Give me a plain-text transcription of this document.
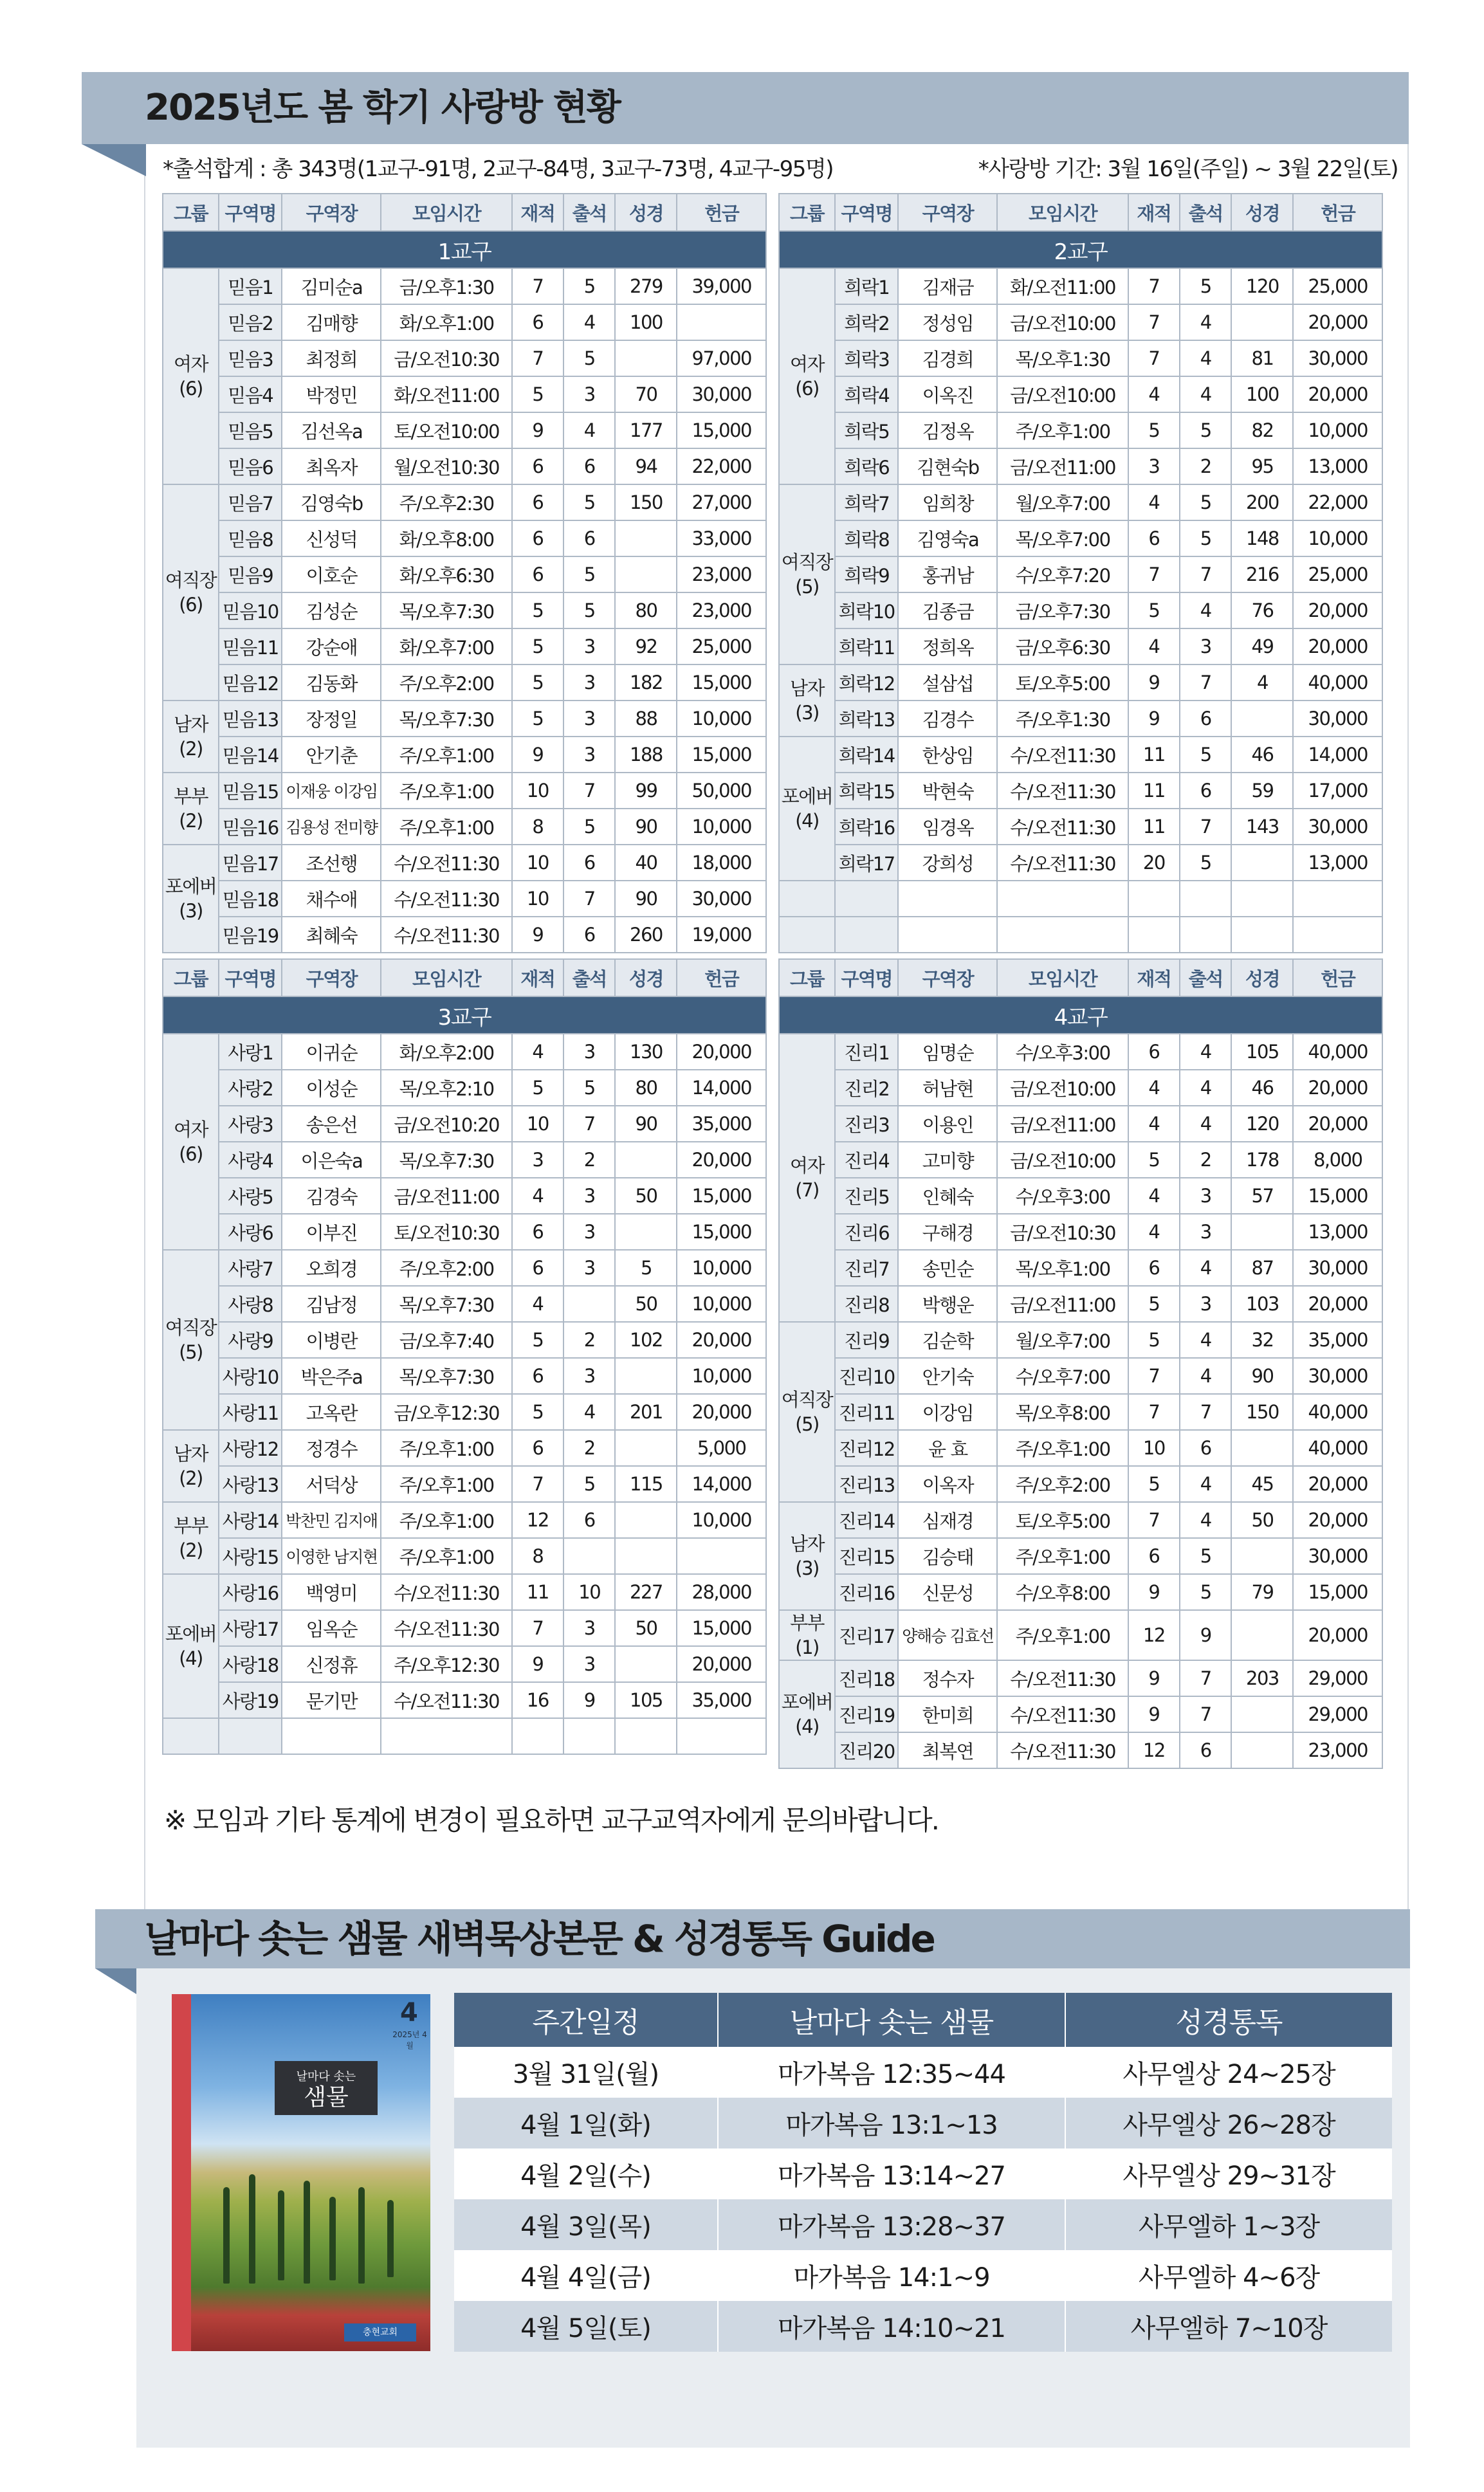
2025년도 봄 학기 사랑방 현황
*출석합계 : 총 343명(1교구-91명, 2교구-84명, 3교구-73명, 4교구-95명)	*사랑방 기간: 3월 16일(주일) ~ 3월 22일(토)
그룹	구역명	구역장	모임시간	재적	출석	성경	헌금
1교구							
여자
(6)	믿음1	김미순a	금/오후1:30	7	5	279	39,000
	믿음2	김매향	화/오후1:00	6	4	100	
	믿음3	최정희	금/오전10:30	7	5		97,000
	믿음4	박정민	화/오전11:00	5	3	70	30,000
	믿음5	김선옥a	토/오전10:00	9	4	177	15,000
	믿음6	최옥자	월/오전10:30	6	6	94	22,000
여직장
(6)	믿음7	김영숙b	주/오후2:30	6	5	150	27,000
	믿음8	신성덕	화/오후8:00	6	6		33,000
	믿음9	이호순	화/오후6:30	6	5		23,000
	믿음10	김성순	목/오후7:30	5	5	80	23,000
	믿음11	강순애	화/오후7:00	5	3	92	25,000
	믿음12	김동화	주/오후2:00	5	3	182	15,000
남자
(2)	믿음13	장정일	목/오후7:30	5	3	88	10,000
	믿음14	안기춘	주/오후1:00	9	3	188	15,000
부부
(2)	믿음15	이재웅 이강임	주/오후1:00	10	7	99	50,000
	믿음16	김용성 전미향	주/오후1:00	8	5	90	10,000
포에버
(3)	믿음17	조선행	수/오전11:30	10	6	40	18,000
	믿음18	채수애	수/오전11:30	10	7	90	30,000
	믿음19	최혜숙	수/오전11:30	9	6	260	19,000
그룹	구역명	구역장	모임시간	재적	출석	성경	헌금
2교구							
여자
(6)	희락1	김재금	화/오전11:00	7	5	120	25,000
	희락2	정성임	금/오전10:00	7	4		20,000
	희락3	김경희	목/오후1:30	7	4	81	30,000
	희락4	이옥진	금/오전10:00	4	4	100	20,000
	희락5	김정옥	주/오후1:00	5	5	82	10,000
	희락6	김현숙b	금/오전11:00	3	2	95	13,000
여직장
(5)	희락7	임희창	월/오후7:00	4	5	200	22,000
	희락8	김영숙a	목/오후7:00	6	5	148	10,000
	희락9	홍귀남	수/오후7:20	7	7	216	25,000
	희락10	김종금	금/오후7:30	5	4	76	20,000
	희락11	정희옥	금/오후6:30	4	3	49	20,000
남자
(3)	희락12	설삼섭	토/오후5:00	9	7	4	40,000
	희락13	김경수	주/오후1:30	9	6		30,000
포에버
(4)	희락14	한상임	수/오전11:30	11	5	46	14,000
	희락15	박현숙	수/오전11:30	11	6	59	17,000
	희락16	임경옥	수/오전11:30	11	7	143	30,000
	희락17	강희성	수/오전11:30	20	5		13,000

그룹	구역명	구역장	모임시간	재적	출석	성경	헌금
3교구							
여자
(6)	사랑1	이귀순	화/오후2:00	4	3	130	20,000
	사랑2	이성순	목/오후2:10	5	5	80	14,000
	사랑3	송은선	금/오전10:20	10	7	90	35,000
	사랑4	이은숙a	목/오후7:30	3	2		20,000
	사랑5	김경숙	금/오전11:00	4	3	50	15,000
	사랑6	이부진	토/오전10:30	6	3		15,000
여직장
(5)	사랑7	오희경	주/오후2:00	6	3	5	10,000
	사랑8	김남정	목/오후7:30	4		50	10,000
	사랑9	이병란	금/오후7:40	5	2	102	20,000
	사랑10	박은주a	목/오후7:30	6	3		10,000
	사랑11	고옥란	금/오후12:30	5	4	201	20,000
남자
(2)	사랑12	정경수	주/오후1:00	6	2		5,000
	사랑13	서덕상	주/오후1:00	7	5	115	14,000
부부
(2)	사랑14	박찬민 김지애	주/오후1:00	12	6		10,000
	사랑15	이영한 남지현	주/오후1:00	8			
포에버
(4)	사랑16	백영미	수/오전11:30	11	10	227	28,000
	사랑17	임옥순	수/오전11:30	7	3	50	15,000
	사랑18	신정휴	주/오후12:30	9	3		20,000
	사랑19	문기만	수/오전11:30	16	9	105	35,000

그룹	구역명	구역장	모임시간	재적	출석	성경	헌금
4교구							
여자
(7)	진리1	임명순	수/오후3:00	6	4	105	40,000
	진리2	허남현	금/오전10:00	4	4	46	20,000
	진리3	이용인	금/오전11:00	4	4	120	20,000
	진리4	고미향	금/오전10:00	5	2	178	8,000
	진리5	인혜숙	수/오후3:00	4	3	57	15,000
	진리6	구해경	금/오전10:30	4	3		13,000
	진리7	송민순	목/오후1:00	6	4	87	30,000
	진리8	박행운	금/오전11:00	5	3	103	20,000
여직장
(5)	진리9	김순학	월/오후7:00	5	4	32	35,000
	진리10	안기숙	수/오후7:00	7	4	90	30,000
	진리11	이강임	목/오후8:00	7	7	150	40,000
	진리12	윤 효	주/오후1:00	10	6		40,000
	진리13	이옥자	주/오후2:00	5	4	45	20,000
남자
(3)	진리14	심재경	토/오후5:00	7	4	50	20,000
	진리15	김승태	주/오후1:00	6	5		30,000
	진리16	신문성	수/오후8:00	9	5	79	15,000
부부(1)	진리17	양해승 김효선	주/오후1:00	12	9		20,000
포에버
(4)	진리18	정수자	수/오전11:30	9	7	203	29,000
	진리19	한미희	수/오전11:30	9	7		29,000
	진리20	최복연	수/오전11:30	12	6		23,000
※ 모임과 기타 통계에 변경이 필요하면 교구교역자에게 문의바랍니다.
날마다 솟는 샘물 새벽묵상본문 & 성경통독 Guide
4
2025년 4월
날마다 솟는
샘물
충현교회
주간일정	날마다 솟는 샘물	성경통독
3월 31일(월)	마가복음 12:35~44	사무엘상 24~25장
4월 1일(화)	마가복음 13:1~13	사무엘상 26~28장
4월 2일(수)	마가복음 13:14~27	사무엘상 29~31장
4월 3일(목)	마가복음 13:28~37	사무엘하 1~3장
4월 4일(금)	마가복음 14:1~9	사무엘하 4~6장
4월 5일(토)	마가복음 14:10~21	사무엘하 7~10장
